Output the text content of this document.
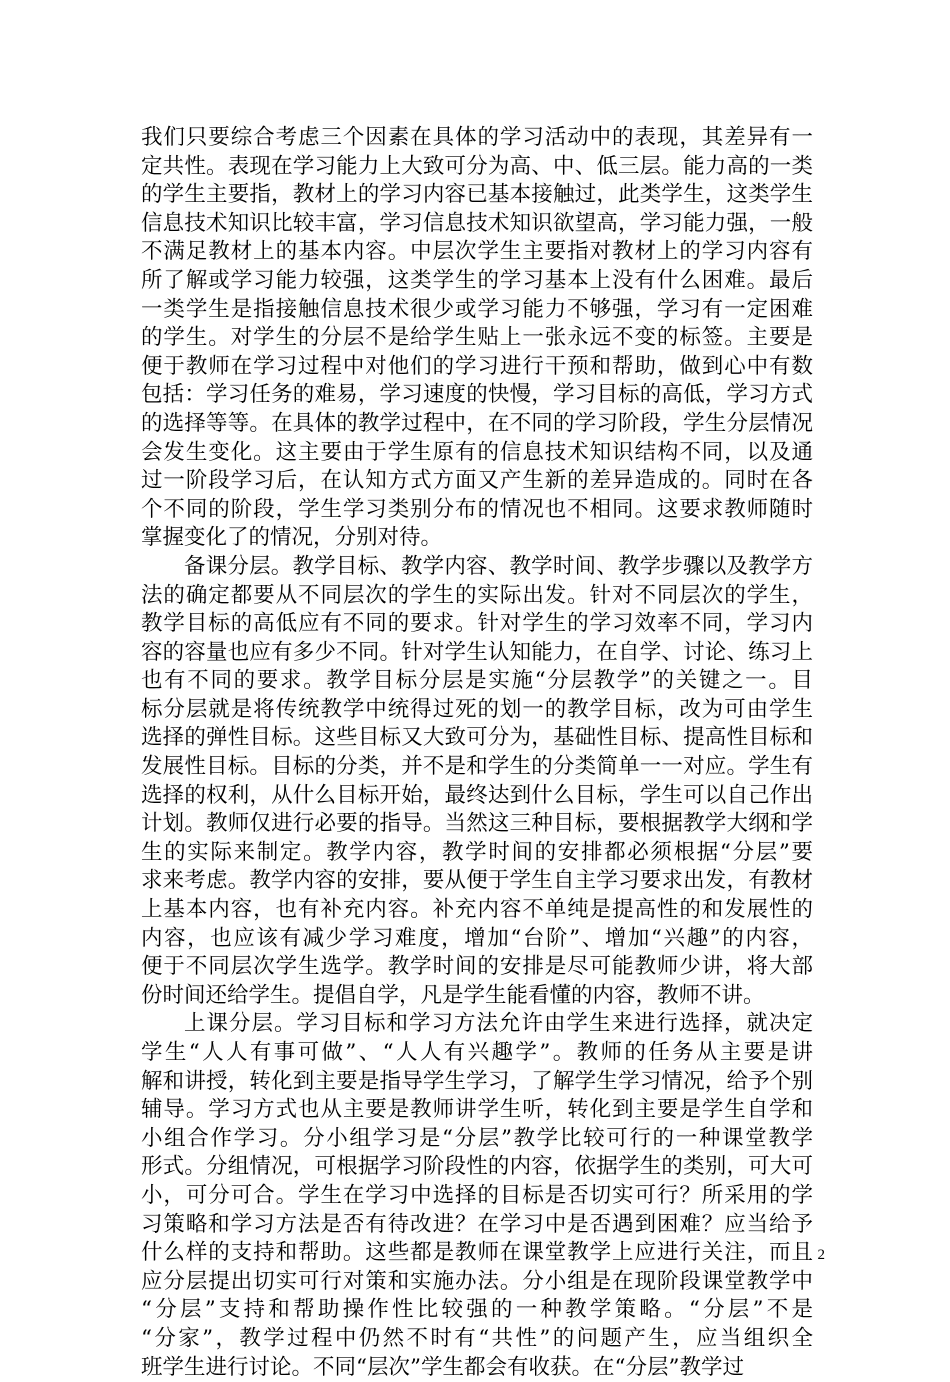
我们只要综合考虑三个因素在具体的学习活动中的表现，其差异有一
定共性。表现在学习能力上大致可分为高、中、低三层。能力高的一类
的学生主要指，教材上的学习内容已基本接触过，此类学生，这类学生
信息技术知识比较丰富，学习信息技术知识欲望高，学习能力强，一般
不满足教材上的基本内容。中层次学生主要指对教材上的学习内容有
所了解或学习能力较强，这类学生的学习基本上没有什么困难。最后
一类学生是指接触信息技术很少或学习能力不够强，学习有一定困难
的学生。对学生的分层不是给学生贴上一张永远不变的标签。主要是
便于教师在学习过程中对他们的学习进行干预和帮助，做到心中有数
包括：学习任务的难易，学习速度的快慢，学习目标的高低，学习方式
的选择等等。在具体的教学过程中，在不同的学习阶段，学生分层情况
会发生变化。这主要由于学生原有的信息技术知识结构不同，以及通
过一阶段学习后，在认知方式方面又产生新的差异造成的。同时在各
个不同的阶段，学生学习类别分布的情况也不相同。这要求教师随时
掌握变化了的情况，分别对待。
备课分层。教学目标、教学内容、教学时间、教学步骤以及教学方
法的确定都要从不同层次的学生的实际出发。针对不同层次的学生，
教学目标的高低应有不同的要求。针对学生的学习效率不同，学习内
容的容量也应有多少不同。针对学生认知能力，在自学、讨论、练习上
也有不同的要求。教学目标分层是实施“分层教学”的关键之一。目
标分层就是将传统教学中统得过死的划一的教学目标，改为可由学生
选择的弹性目标。这些目标又大致可分为，基础性目标、提高性目标和
发展性目标。目标的分类，并不是和学生的分类简单一一对应。学生有
选择的权利，从什么目标开始，最终达到什么目标，学生可以自己作出
计划。教师仅进行必要的指导。当然这三种目标，要根据教学大纲和学
生的实际来制定。教学内容，教学时间的安排都必须根据“分层”要
求来考虑。教学内容的安排，要从便于学生自主学习要求出发，有教材
上基本内容，也有补充内容。补充内容不单纯是提高性的和发展性的
内容，也应该有减少学习难度，增加“台阶”、增加“兴趣”的内容，
便于不同层次学生选学。教学时间的安排是尽可能教师少讲，将大部
份时间还给学生。提倡自学，凡是学生能看懂的内容，教师不讲。
上课分层。学习目标和学习方法允许由学生来进行选择，就决定
学生“人人有事可做”、“人人有兴趣学”。教师的任务从主要是讲
解和讲授，转化到主要是指导学生学习，了解学生学习情况，给予个别
辅导。学习方式也从主要是教师讲学生听，转化到主要是学生自学和
小组合作学习。分小组学习是“分层”教学比较可行的一种课堂教学
形式。分组情况，可根据学习阶段性的内容，依据学生的类别，可大可
小，可分可合。学生在学习中选择的目标是否切实可行？所采用的学
习策略和学习方法是否有待改进？在学习中是否遇到困难？应当给予
什么样的支持和帮助。这些都是教师在课堂教学上应进行关注，而且
应分层提出切实可行对策和实施办法。分小组是在现阶段课堂教学中
“分层”支持和帮助操作性比较强的一种教学策略。“分层”不是
“分家”，教学过程中仍然不时有“共性”的问题产生，应当组织全
班学生进行讨论。不同“层次”学生都会有收获。在“分层”教学过
2
